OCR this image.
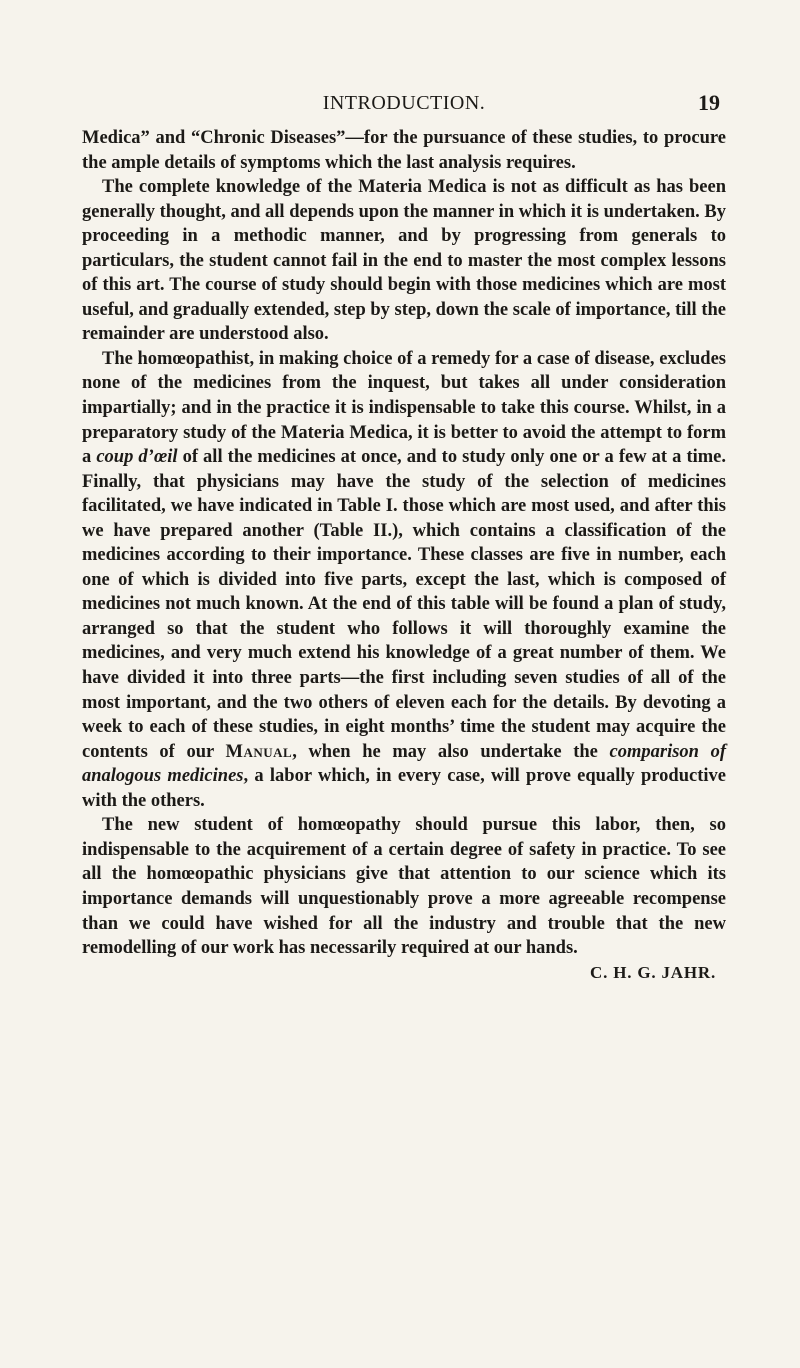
INTRODUCTION.	19

Medica” and “Chronic Diseases”—for the pursuance of these studies, to procure the ample details of symptoms which the last analysis requires.

The complete knowledge of the Materia Medica is not as difficult as has been generally thought, and all depends upon the manner in which it is undertaken. By proceeding in a methodic manner, and by progressing from generals to particulars, the student cannot fail in the end to master the most complex lessons of this art. The course of study should begin with those medicines which are most useful, and gradually extended, step by step, down the scale of importance, till the remainder are understood also.

The homœopathist, in making choice of a remedy for a case of disease, excludes none of the medicines from the inquest, but takes all under consideration impartially; and in the practice it is indispensable to take this course. Whilst, in a preparatory study of the Materia Medica, it is better to avoid the attempt to form a coup d’œil of all the medicines at once, and to study only one or a few at a time. Finally, that physicians may have the study of the selection of medicines facilitated, we have indicated in Table I. those which are most used, and after this we have prepared another (Table II.), which contains a classification of the medicines according to their importance. These classes are five in number, each one of which is divided into five parts, except the last, which is composed of medicines not much known. At the end of this table will be found a plan of study, arranged so that the student who follows it will thoroughly examine the medicines, and very much extend his knowledge of a great number of them. We have divided it into three parts—the first including seven studies of all of the most important, and the two others of eleven each for the details. By devoting a week to each of these studies, in eight months’ time the student may acquire the contents of our Manual, when he may also undertake the comparison of analogous medicines, a labor which, in every case, will prove equally productive with the others.

The new student of homœopathy should pursue this labor, then, so indispensable to the acquirement of a certain degree of safety in practice. To see all the homœopathic physicians give that attention to our science which its importance demands will unquestionably prove a more agreeable recompense than we could have wished for all the industry and trouble that the new remodelling of our work has necessarily required at our hands.

C. H. G. JAHR.
